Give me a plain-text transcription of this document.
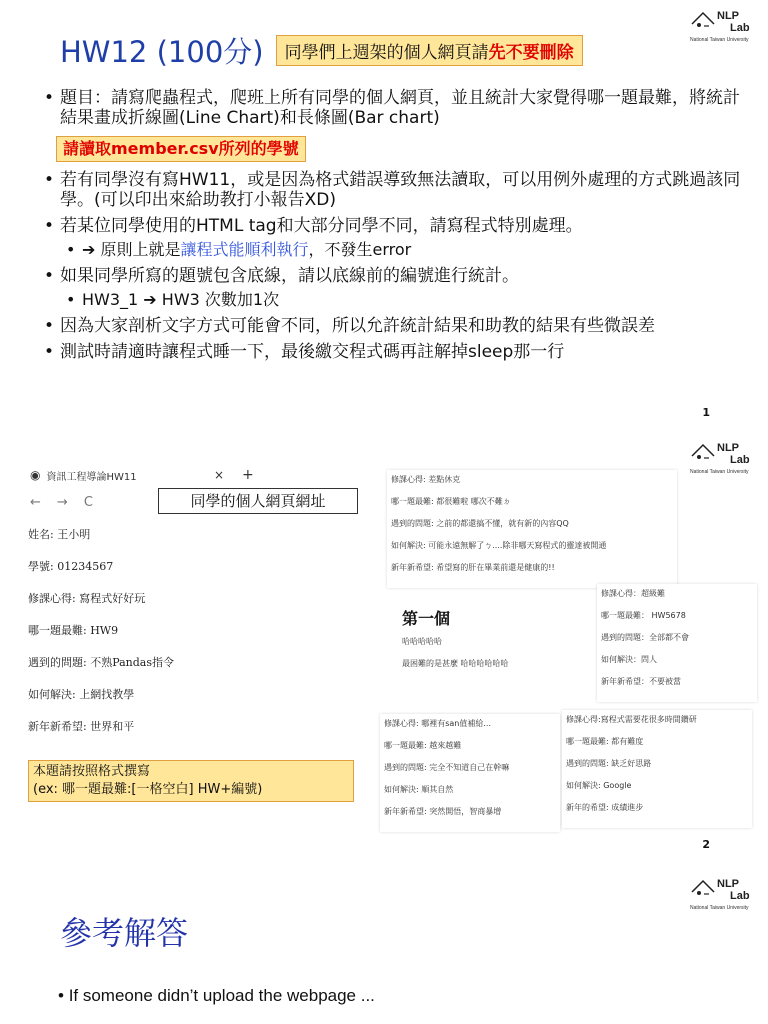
NLP
Lab
National Taiwan University
HW12 (100分)	同學們上週架的個人網頁請先不要刪除
• 題目：請寫爬蟲程式，爬班上所有同學的個人網頁，並且統計大家覺得哪一題最難，將統計結果畫成折線圖(Line Chart)和長條圖(Bar chart)
請讀取member.csv所列的學號
• 若有同學沒有寫HW11，或是因為格式錯誤導致無法讀取，可以用例外處理的方式跳過該同學。(可以印出來給助教打小報告XD)
• 若某位同學使用的HTML tag和大部分同學不同，請寫程式特別處理。
• ➔ 原則上就是讓程式能順利執行，不發生error
• 如果同學所寫的題號包含底線，請以底線前的編號進行統計。
• HW3_1 ➔ HW3 次數加1次
• 因為大家剖析文字方式可能會不同，所以允許統計結果和助教的結果有些微誤差
• 測試時請適時讓程式睡一下，最後繳交程式碼再註解掉sleep那一行
1
NLP
Lab
National Taiwan University
◉ 資訊工程導論HW11	× +
← → C	同學的個人網頁網址
姓名: 王小明
學號: 01234567
修課心得: 寫程式好好玩
哪一題最難: HW9
遇到的問題: 不熟Pandas指令
如何解決: 上網找教學
新年新希望: 世界和平
本題請按照格式撰寫
(ex: 哪一題最難:[一格空白] HW+編號)
修課心得: 差點休克
哪一題最難: 都很難啦 哪次不難ㄉ
遇到的問題: 之前的都還搞不懂，就有新的內容QQ
如何解決: 可能永遠無解了ㄅ....除非哪天寫程式的靈達被開通
新年新希望: 希望寫的肝在畢業前還是健康的!!
第一個
哈哈哈哈哈
最困難的是甚麼 哈哈哈哈哈哈
修課心得：超級難
哪一題最難： HW5678
遇到的問題：全部都不會
如何解決：問人
新年新希望：不要被當
修課心得: 哪裡有san值補給...
哪一題最難: 越來越難
遇到的問題: 完全不知道自己在幹嘛
如何解決: 順其自然
新年新希望: 突然開悟，智商暴增
修課心得:寫程式需要花很多時間鑽研
哪一題最難: 都有難度
遇到的問題: 缺乏好思路
如何解決: Google
新年的希望: 成績進步
2
NLP
Lab
National Taiwan University
參考解答
• If someone didn’t upload the webpage ...
